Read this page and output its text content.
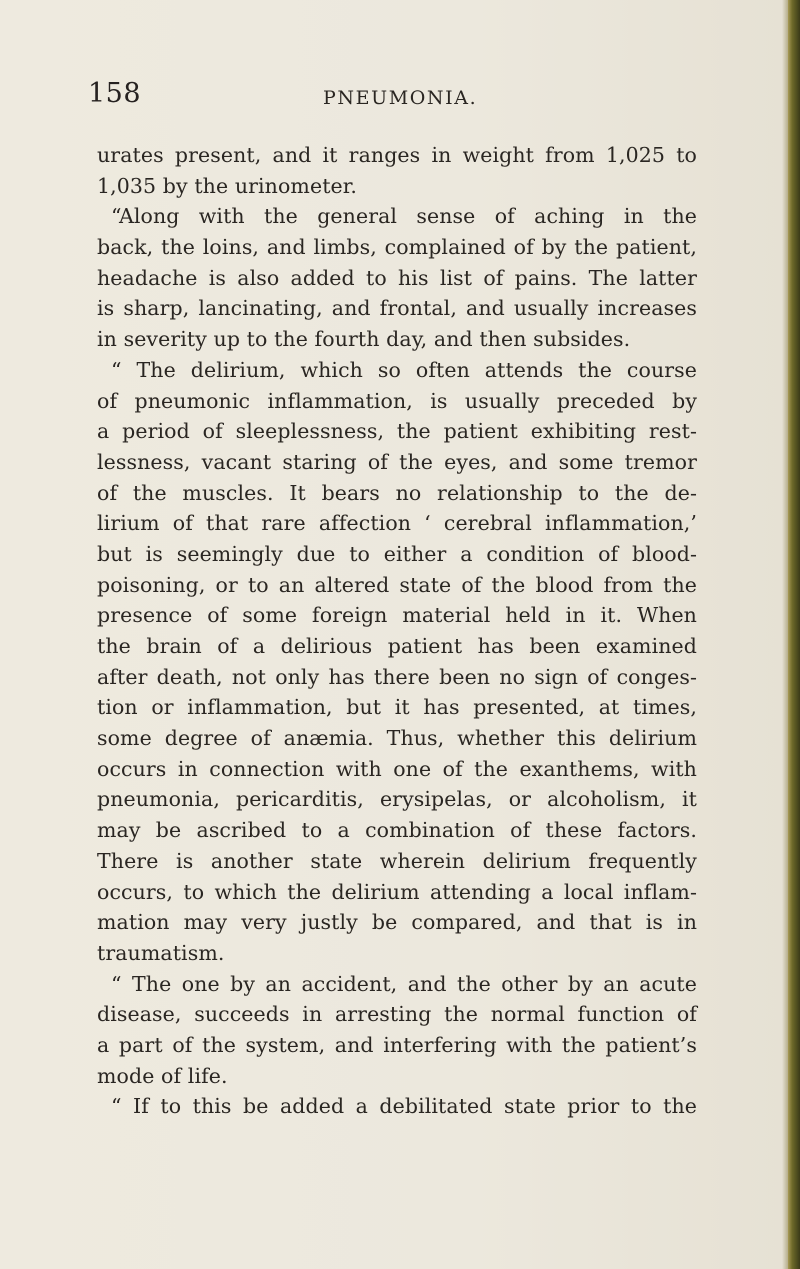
158	PNEUMONIA.
urates present, and it ranges in weight from 1,025 to
1,035 by the urinometer.
“Along with the general sense of aching in the
back, the loins, and limbs, complained of by the patient,
headache is also added to his list of pains. The latter
is sharp, lancinating, and frontal, and usually increases
in severity up to the fourth day, and then subsides.
“ The delirium, which so often attends the course
of pneumonic inflammation, is usually preceded by
a period of sleeplessness, the patient exhibiting rest-
lessness, vacant staring of the eyes, and some tremor
of the muscles. It bears no relationship to the de-
lirium of that rare affection ‘ cerebral inflammation,’
but is seemingly due to either a condition of blood-
poisoning, or to an altered state of the blood from the
presence of some foreign material held in it. When
the brain of a delirious patient has been examined
after death, not only has there been no sign of conges-
tion or inflammation, but it has presented, at times,
some degree of anæmia. Thus, whether this delirium
occurs in connection with one of the exanthems, with
pneumonia, pericarditis, erysipelas, or alcoholism, it
may be ascribed to a combination of these factors.
There is another state wherein delirium frequently
occurs, to which the delirium attending a local inflam-
mation may very justly be compared, and that is in
traumatism.
“ The one by an accident, and the other by an acute
disease, succeeds in arresting the normal function of
a part of the system, and interfering with the patient’s
mode of life.
“ If to this be added a debilitated state prior to the
